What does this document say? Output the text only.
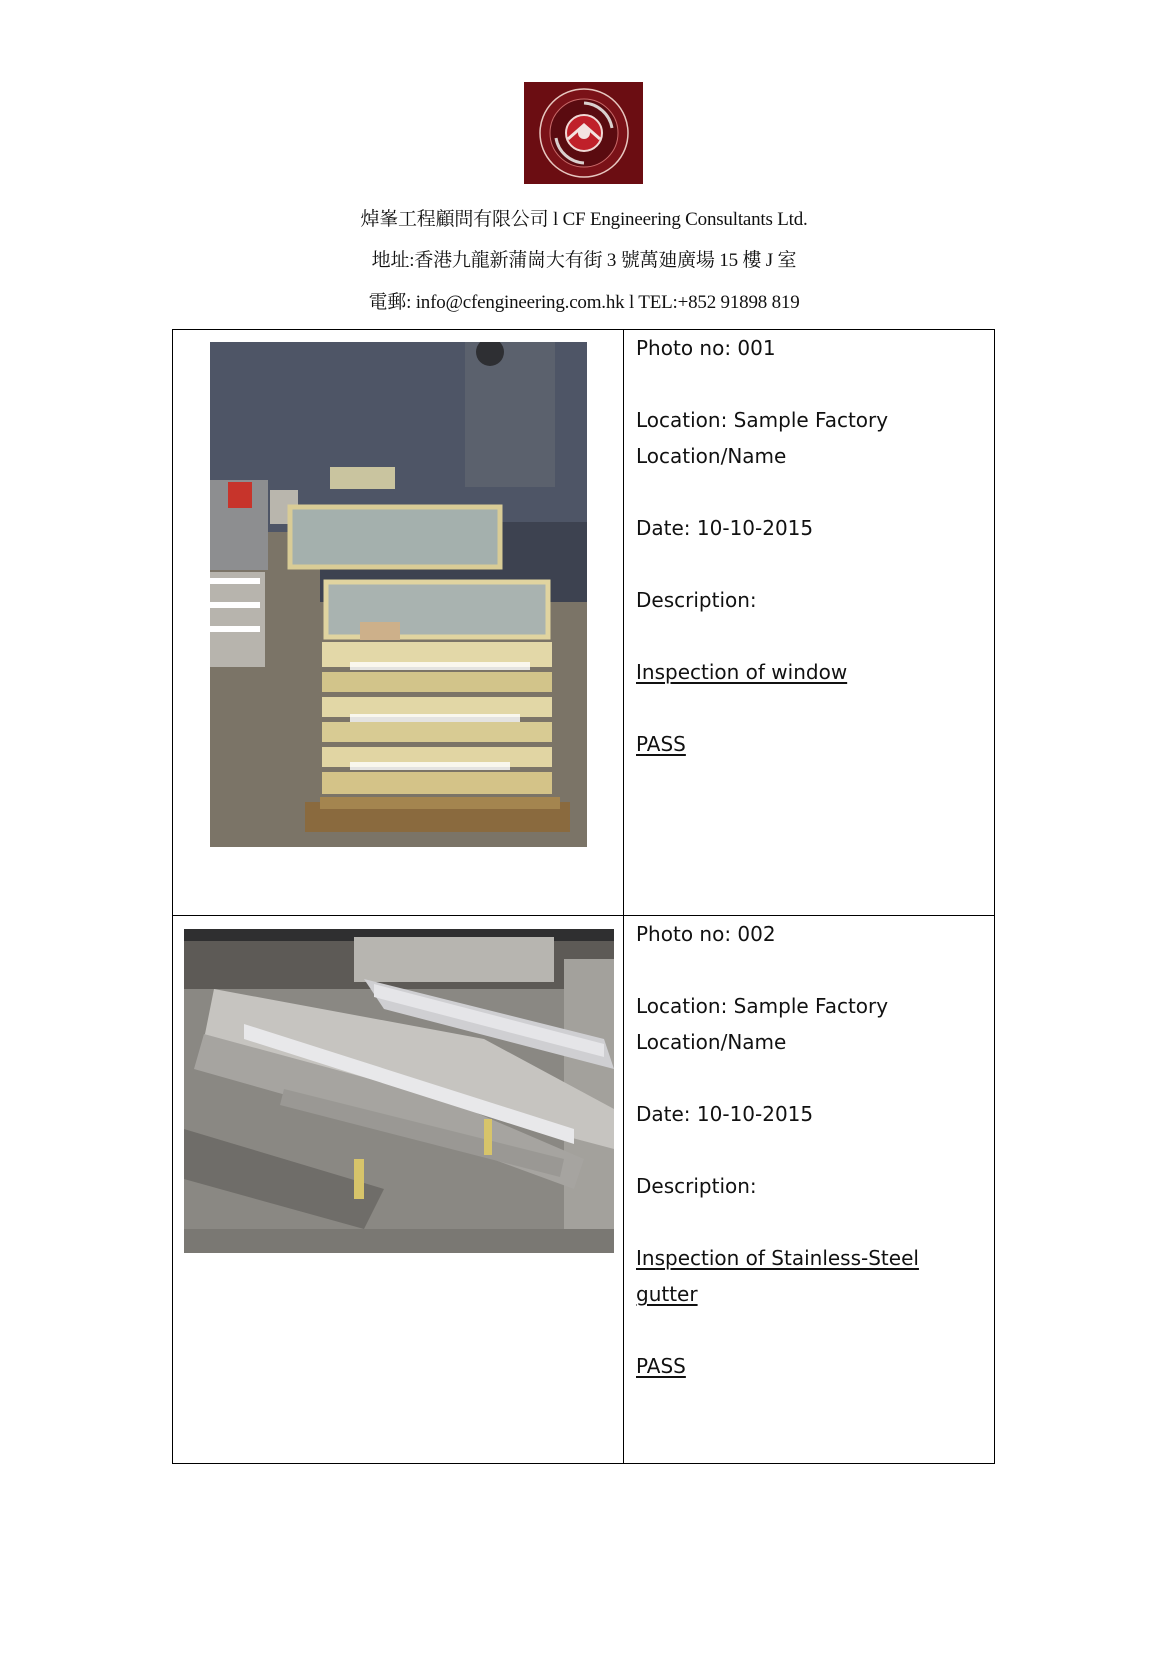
焯峯工程顧問有限公司 l CF Engineering Consultants Ltd.
地址:香港九龍新蒲崗大有街 3 號萬廸廣場 15 樓 J 室
電郵: info@cfengineering.com.hk l TEL:+852 91898 819

Photo no: 001

Location: Sample Factory

Location/Name

Date: 10-10-2015

Description:

Inspection of window

PASS

Photo no: 002

Location: Sample Factory

Location/Name

Date: 10-10-2015

Description:

Inspection of Stainless-Steel

gutter

PASS
